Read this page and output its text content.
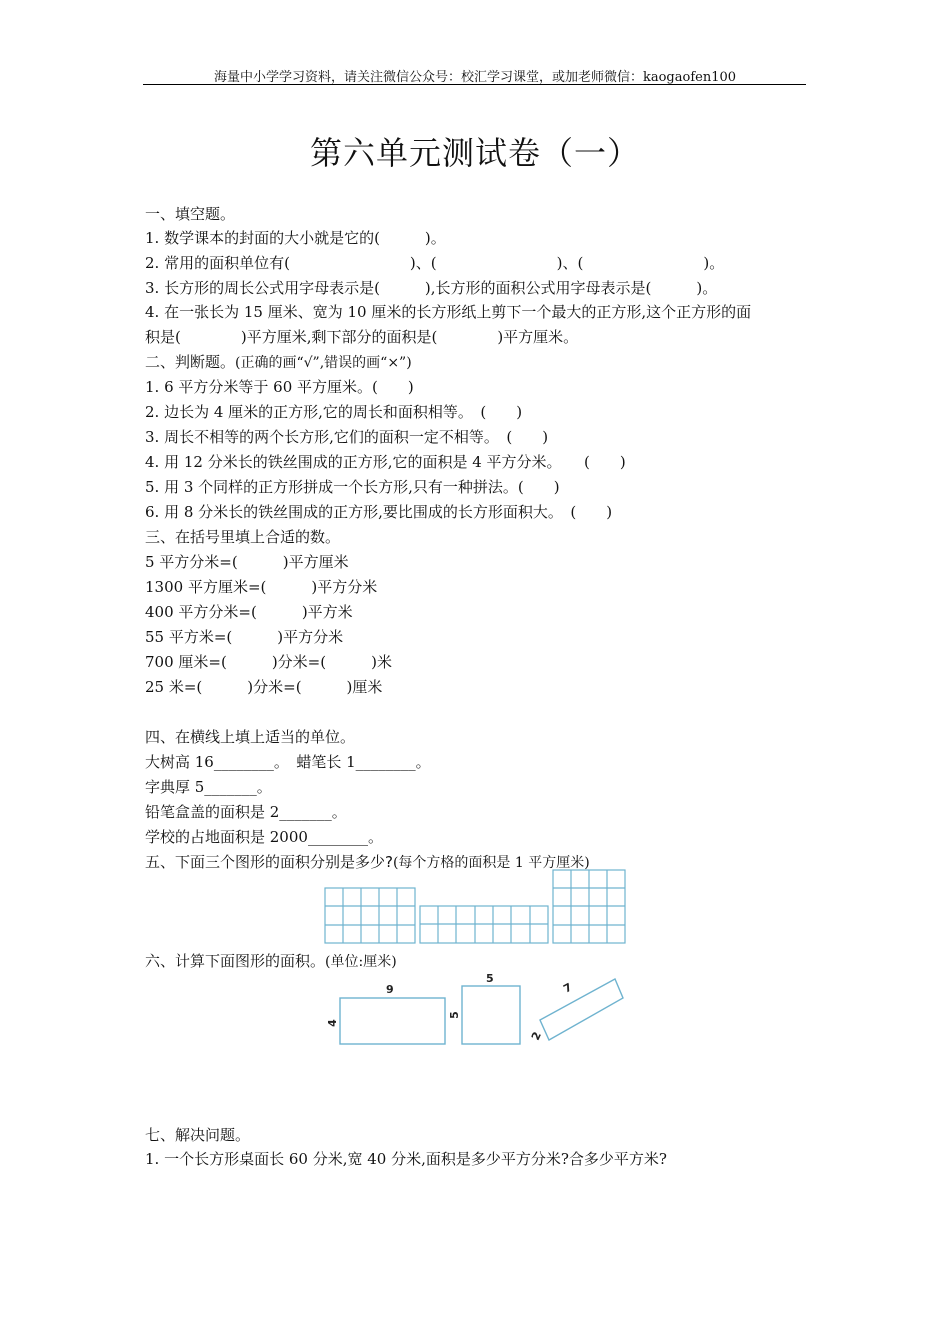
海量中小学学习资料，请关注微信公众号：校汇学习课堂，或加老师微信：kaogaofen100
第六单元测试卷（一）
一、填空题。
1. 数学课本的封面的大小就是它的(　　　)。
2. 常用的面积单位有(　　　　　　　　)、(　　　　　　　　)、(　　　　　　　　)。
3. 长方形的周长公式用字母表示是(　　　),长方形的面积公式用字母表示是(　　　)。
4. 在一张长为 15 厘米、宽为 10 厘米的长方形纸上剪下一个最大的正方形,这个正方形的面
积是(　　　　)平方厘米,剩下部分的面积是(　　　　)平方厘米。
二、判断题。(正确的画“√”,错误的画“×”)
1. 6 平方分米等于 60 平方厘米。(　　)
2. 边长为 4 厘米的正方形,它的周长和面积相等。　(　　)
3. 周长不相等的两个长方形,它们的面积一定不相等。　(　　)
4. 用 12 分米长的铁丝围成的正方形,它的面积是 4 平方分米。　　(　　)
5. 用 3 个同样的正方形拼成一个长方形,只有一种拼法。(　　)
6. 用 8 分米长的铁丝围成的正方形,要比围成的长方形面积大。　(　　)
三、在括号里填上合适的数。
5 平方分米=(　　　)平方厘米
1300 平方厘米=(　　　)平方分米
400 平方分米=(　　　)平方米
55 平方米=(　　　)平方分米
700 厘米=(　　　)分米=(　　　)米
25 米=(　　　)分米=(　　　)厘米
四、在横线上填上适当的单位。
大树高 16________。　蜡笔长 1________。
字典厚 5_______。
铅笔盒盖的面积是 2_______。
学校的占地面积是 2000________。
五、下面三个图形的面积分别是多少?(每个方格的面积是 1 平方厘米)
六、计算下面图形的面积。(单位:厘米)
9
4
5
5
7
2
七、解决问题。
1. 一个长方形桌面长 60 分米,宽 40 分米,面积是多少平方分米?合多少平方米?
